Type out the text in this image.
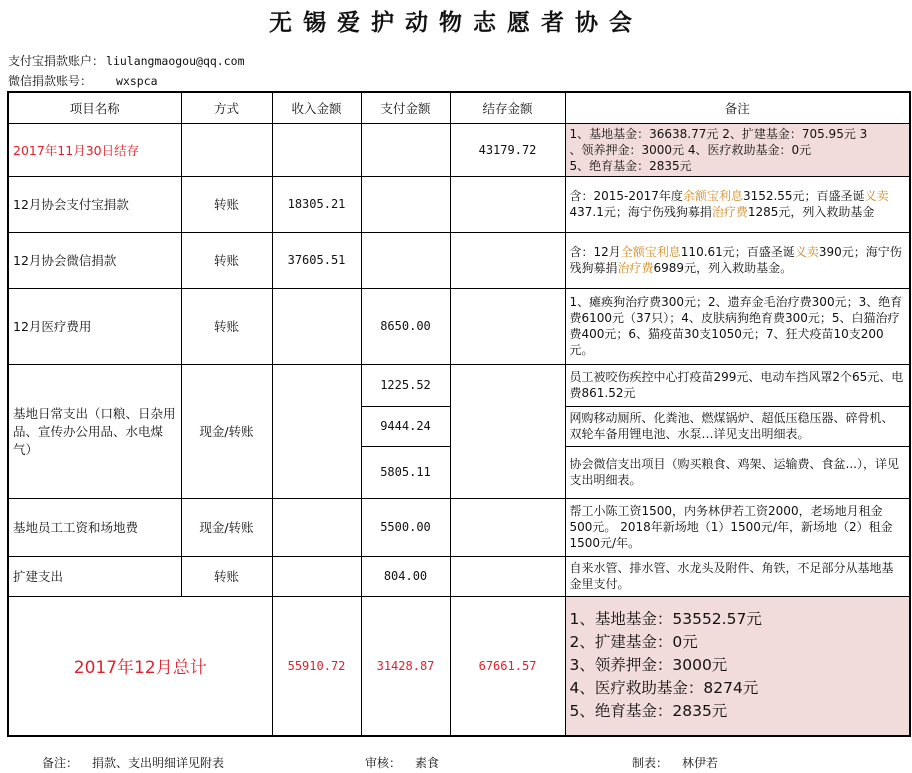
无锡爱护动物志愿者协会
支付宝捐款账户： liulangmaogou@qq.com
微信捐款账号： wxspca
项目名称	方式	收入金额	支付金额	结存金额	备注
2017年11月30日结存				43179.72	1、基地基金：36638.77元 2、扩建基金：705.95元 3
、领养押金：3000元 4、医疗救助基金：0元
5、绝育基金：2835元

12月协会支付宝捐款	转账	18305.21			含：2015-2017年度余额宝利息3152.55元；百盛圣诞义卖437.1元；海宁伤残狗募捐治疗费1285元，列入救助基金
12月协会微信捐款	转账	37605.51			含：12月全额宝利息110.61元；百盛圣诞义卖390元；海宁伤残狗募捐治疗费6989元，列入救助基金。
12月医疗费用	转账		8650.00		1、瘫痪狗治疗费300元；2、遗弃金毛治疗费300元；3、绝育费6100元（37只）；4、皮肤病狗绝育费300元；5、白猫治疗费400元；6、猫疫苗30支1050元；7、狂犬疫苗10支200元。
基地日常支出（口粮、日杂用品、宣传办公用品、水电煤气）	现金/转账		1225.52		员工被咬伤疾控中心打疫苗299元、电动车挡风罩2个65元、电费861.52元
			9444.24		网购移动厕所、化粪池、燃煤锅炉、超低压稳压器、碎骨机、双轮车备用锂电池、水泵…详见支出明细表。
			5805.11		协会微信支出项目（购买粮食、鸡架、运输费、食盆...），详见支出明细表。
基地员工工资和场地费	现金/转账		5500.00		帮工小陈工资1500，内务林伊若工资2000，老场地月租金500元。 2018年新场地（1）1500元/年，新场地（2）租金1500元/年。
扩建支出	转账		804.00		自来水管、排水管、水龙头及附件、角铁，不足部分从基地基金里支付。
2017年12月总计		55910.72	31428.87	67661.57	1、基地基金：53552.57元
2、扩建基金：0元
3、领养押金：3000元
4、医疗救助基金：8274元
5、绝育基金：2835元
备注： 捐款、支出明细详见附表	审核： 素食	制表： 林伊若
